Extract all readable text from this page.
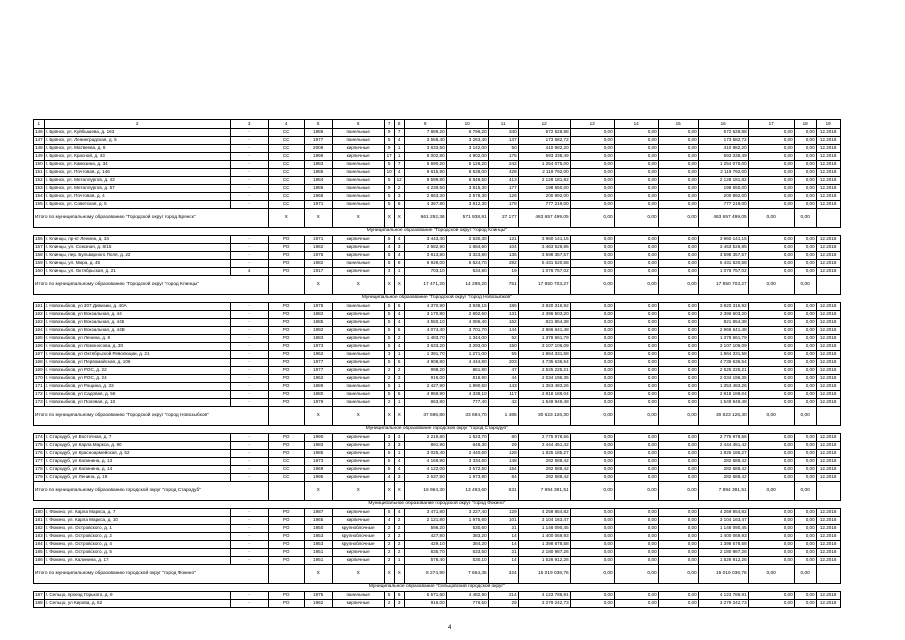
1	2	3	4	5	6	7	8	9	10	11	12	13	14	15	16	17	18	19
146	г. Брянск, ул. Куйбышева, д. 163	-	СС	1986	панельные	9	7	7 889,20	6 796,20	340	572 628,88	0,00	0,00	0,00	572 628,88	0,00	0,00	12.2018
147	г. Брянск, ул. Ленинградская, д. 5	-	СС	1977	панельные	5	4	3 558,40	3 263,40	147	173 582,72	0,00	0,00	0,00	173 582,72	0,00	0,00	12.2018
148	г. Брянск, ул. Матвеева, д. 8	-	СС	2006	кирпичные	9	1	3 633,50	3 142,00	50	410 982,20	0,00	0,00	0,00	410 982,20	0,00	0,00	12.2018
149	г. Брянск, ул. Красной, д. 43	-	СС	1996	кирпичные	17	1	8 002,80	4 902,00	175	593 338,49	0,00	0,00	0,00	593 338,49	0,00	0,00	12.2018
150	г. Брянск, ул. Камозина, д. 34	-	СС	1983	панельные	5	7	5 690,20	5 126,20	242	1 254 075,00	0,00	0,00	0,00	1 254 075,00	0,00	0,00	12.2018
151	г. Брянск, ул. Почтовая, д. 146	-	СС	1985	панельные	10	4	9 615,90	8 538,00	428	2 119 792,00	0,00	0,00	0,00	2 119 792,00	0,00	0,00	12.2018
152	г. Брянск, ул. Металлургов, д. 43	-	СС	1984	панельные	5	12	9 599,80	8 848,50	413	2 128 181,82	0,00	0,00	0,00	2 128 181,82	0,00	0,00	12.2018
153	г. Брянск, ул. Металлургов, д. 57	-	СС	1986	панельные	9	2	4 239,50	3 815,30	177	198 550,00	0,00	0,00	0,00	198 550,00	0,00	0,00	12.2018
154	г. Брянск, ул. Почтовая, д. 4	-	СС	1968	панельные	5	3	2 863,30	2 578,30	126	200 892,00	0,00	0,00	0,00	200 892,00	0,00	0,00	12.2018
155	г. Брянск, ул. Советская, д. 5	-	СС	1971	панельные	5	6	4 367,80	3 812,30	178	777 219,00	0,00	0,00	0,00	777 219,00	0,00	0,00	12.2018
Итого по муниципальному образованию "Городской округ город Брянск"			X	X	X	X	X	661 292,36	571 938,91	27 177	463 657 499,05	0,00	0,00	0,00	463 657 499,05	0,00	0,00	
Муниципальное образование "Городской округ "город Клинцы"																		
156	г. Клинцы, пр-кт Ленина, д. 34	-	РО	1971	кирпичные	5	4	3 443,40	2 530,30	121	3 960 141,15	0,00	0,00	0,00	3 960 141,15	0,00	0,00	12.2018
157	г. Клинцы, ул. Союзная, д. 8/15	-	РО	1962	кирпичные	4	3	2 582,90	1 684,60	104	3 463 526,85	0,00	0,00	0,00	3 463 526,85	0,00	0,00	12.2018
158	г. Клинцы, пер. Бульварного Поля, д. 22	-	РО	1976	кирпичные	5	4	3 613,80	3 323,80	135	3 598 357,57	0,00	0,00	0,00	3 598 357,57	0,00	0,00	12.2018
159	г. Клинцы, ул. Мира, д. 46	-	РО	1982	панельные	5	8	6 928,00	5 624,70	282	5 431 520,58	0,00	0,00	0,00	5 431 520,58	0,00	0,00	12.2018
160	г. Клинцы, ул. Октябрьская, д. 21	4	РО	1917	кирпичные	3	1	703,10	634,80	19	1 076 757,02	0,00	0,00	0,00	1 076 757,02	0,00	0,00	12.2018
Итого по муниципальному образованию "Городской округ "город Клинцы"				X	X	X	X	17 471,20	14 298,20	751	17 850 703,27	0,00	0,00	0,00	17 850 703,27	0,00	0,00	
Муниципальное образование "Городской округ "город Новозыбков"																		
161	г. Новозыбков, ул 307 Дивизии, д. 40А	-	РО	1978	панельные	5	6	4 370,90	3 938,15	185	3 820 316,92	0,00	0,00	0,00	3 820 316,92	0,00	0,00	12.2018
162	г. Новозыбков, ул Вокзальная, д. 44	-	РО	1982	кирпичные	5	4	3 170,80	2 892,50	131	2 396 503,20	0,00	0,00	0,00	2 396 503,20	0,00	0,00	12.2018
163	г. Новозыбков, ул Вокзальная, д. 445	-	РО	1985	кирпичные	5	4	4 550,10	4 086,40	162	821 854,38	0,00	0,00	0,00	821 854,38	0,00	0,00	12.2018
164	г. Новозыбков, ул Вокзальная, д. 44В	-	РО	1992	кирпичные	5	6	4 074,40	3 701,70	144	2 966 641,48	0,00	0,00	0,00	2 966 641,48	0,00	0,00	12.2018
165	г. Новозыбков, ул Ленина, д. 8	-	РО	1983	кирпичные	5	2	1 483,70	1 344,00	62	1 378 661,79	0,00	0,00	0,00	1 378 661,79	0,00	0,00	12.2018
166	г. Новозыбков, ул Ломоносова, д. 30	-	РО	1973	кирпичные	5	4	3 633,20	3 293,00	150	3 107 106,09	0,00	0,00	0,00	3 107 106,09	0,00	0,00	12.2018
167	г. Новозыбков, ул Октябрьской Революции, д. 21	-	РО	1962	панельные	3	1	1 391,70	1 271,00	55	1 864 331,58	0,00	0,00	0,00	1 864 331,58	0,00	0,00	12.2018
168	г. Новозыбков, ул Первомайская, д. 106	-	РО	1977	кирпичные	5	6	4 908,80	4 444,80	203	4 735 636,54	0,00	0,00	0,00	4 735 636,54	0,00	0,00	12.2018
169	г. Новозыбков, ул РОС, д. 22	-	РО	1977	кирпичные	2	2	998,20	861,80	47	2 525 225,21	0,00	0,00	0,00	2 525 225,21	0,00	0,00	12.2018
170	г. Новозыбков, ул РОС, д. 24	-	РО	1962	кирпичные	2	3	916,00	816,90	44	2 034 196,35	0,00	0,00	0,00	2 034 196,35	0,00	0,00	12.2018
171	г. Новозыбков, ул Рощина, д. 33	-	РО	1989	панельные	5	1	2 427,90	1 990,50	143	1 353 483,26	0,00	0,00	0,00	1 353 483,26	0,00	0,00	12.2018
172	г. Новозыбков, ул Садовая, д. 56	-	РО	1980	панельные	5	6	4 959,90	4 338,10	117	2 818 189,04	0,00	0,00	0,00	2 818 189,04	0,00	0,00	12.2018
173	г. Новозыбков, ул Полевая, д. 10	-	РО	1979	панельные	2	1	863,80	777,40	42	1 549 949,48	0,00	0,00	0,00	1 549 949,48	0,00	0,00	12.2018
Итого по муниципальному образованию "Городской округ "город Новозыбков"				X	X	X	X	37 596,80	33 694,70	1 485	30 623 126,30	0,00	0,00	0,00	30 623 126,30	0,00	0,00	
Муниципальное образование городской округ "город Стародуб"																		
174	г. Стародуб, ул Восточная, д. 7	-	РО	1990	кирпичные	3	3	2 219,80	1 523,70	80	2 775 978,56	0,00	0,00	0,00	2 775 978,56	0,00	0,00	12.2018
175	г. Стародуб, ул Карла Маркса, д. 90	-	РО	1983	кирпичные	2	3	891,90	648,30	29	2 444 451,42	0,00	0,00	0,00	2 444 451,42	0,00	0,00	12.2018
176	г. Стародуб, ул Красноармейская, д. 52	-	РО	1985	кирпичные	5	1	3 025,40	2 440,60	128	1 825 185,27	0,00	0,00	0,00	1 825 185,27	0,00	0,00	12.2018
177	г. Стародуб, ул Калинина, д. 13	-	СС	1973	кирпичные	5	4	4 169,90	3 334,60	148	282 588,42	0,00	0,00	0,00	282 588,42	0,00	0,00	12.2018
178	г. Стародуб, ул Калинина, д. 14	-	СС	1969	кирпичные	5	4	4 122,00	3 572,50	154	282 588,42	0,00	0,00	0,00	282 588,42	0,00	0,00	12.2018
179	г. Стародуб, ул Ленина, д. 19	-	СС	1995	кирпичные	4	3	2 537,50	1 973,90	84	282 588,42	0,00	0,00	0,00	282 588,42	0,00	0,00	12.2018
Итого по муниципальному образованию городской округ "город Стародуб"				X	X	X	X	16 964,30	13 493,60	631	7 894 391,51	0,00	0,00	0,00	7 894 391,51	0,00	0,00	
Муниципальное образование городской округ "город Фокино"																		
180	г. Фокино, ул. Карла Маркса, д. 7	-	РО	1987	кирпичные	5	4	3 471,80	3 227,40	129	4 259 854,82	0,00	0,00	0,00	4 259 854,82	0,00	0,00	12.2018
181	г. Фокино, ул. Карла Маркса, д. 10	-	РО	1965	кирпичные	4	2	2 121,80	1 975,60	101	3 104 163,47	0,00	0,00	0,00	3 104 163,47	0,00	0,00	12.2018
182	г. Фокино, ул. Островского, д. 1	-	РО	1950	крупноблочные	2	2	598,20	530,60	21	1 146 090,45	0,00	0,00	0,00	1 146 090,45	0,00	0,00	12.2018
183	г. Фокино, ул. Островского, д. 2	-	РО	1953	крупноблочные	2	2	427,80	383,20	14	1 400 069,93	0,00	0,00	0,00	1 400 069,93	0,00	0,00	12.2018
184	г. Фокино, ул. Островского, д. 4	-	РО	1953	крупноблочные	2	2	429,10	384,20	14	1 398 678,58	0,00	0,00	0,00	1 398 678,58	0,00	0,00	12.2018
185	г. Фокино, ул. Островского, д. 5	-	РО	1951	кирпичные	2	2	835,70	633,50	21	2 180 987,26	0,00	0,00	0,00	2 180 987,26	0,00	0,00	12.2018
186	г. Фокино, ул. Калинина, д. 17	-	РО	1951	кирпичные	2	1	578,40	530,10	14	1 526 912,26	0,00	0,00	0,00	1 526 912,26	0,00	0,00	12.2018
Итого по муниципальному образованию городской округ "город Фокино"				X	X	X	X	8 274,90	7 664,35	324	15 019 036,76	0,00	0,00	0,00	15 019 036,76	0,00	0,00	
Муниципальное образование "Сельцовский городской округ"																		
187	г. Сельцо, проезд Горького, д. 9	-	РО	1975	панельные	5	6	5 571,60	4 482,90	214	4 123 786,91	0,00	0,00	0,00	4 123 786,91	0,00	0,00	12.2018
188	г. Сельцо, ул Кирова, д. 52	-	РО	1962	кирпичные	2	3	916,00	776,50	29	3 279 242,73	0,00	0,00	0,00	3 279 242,73	0,00	0,00	12.2018
4
